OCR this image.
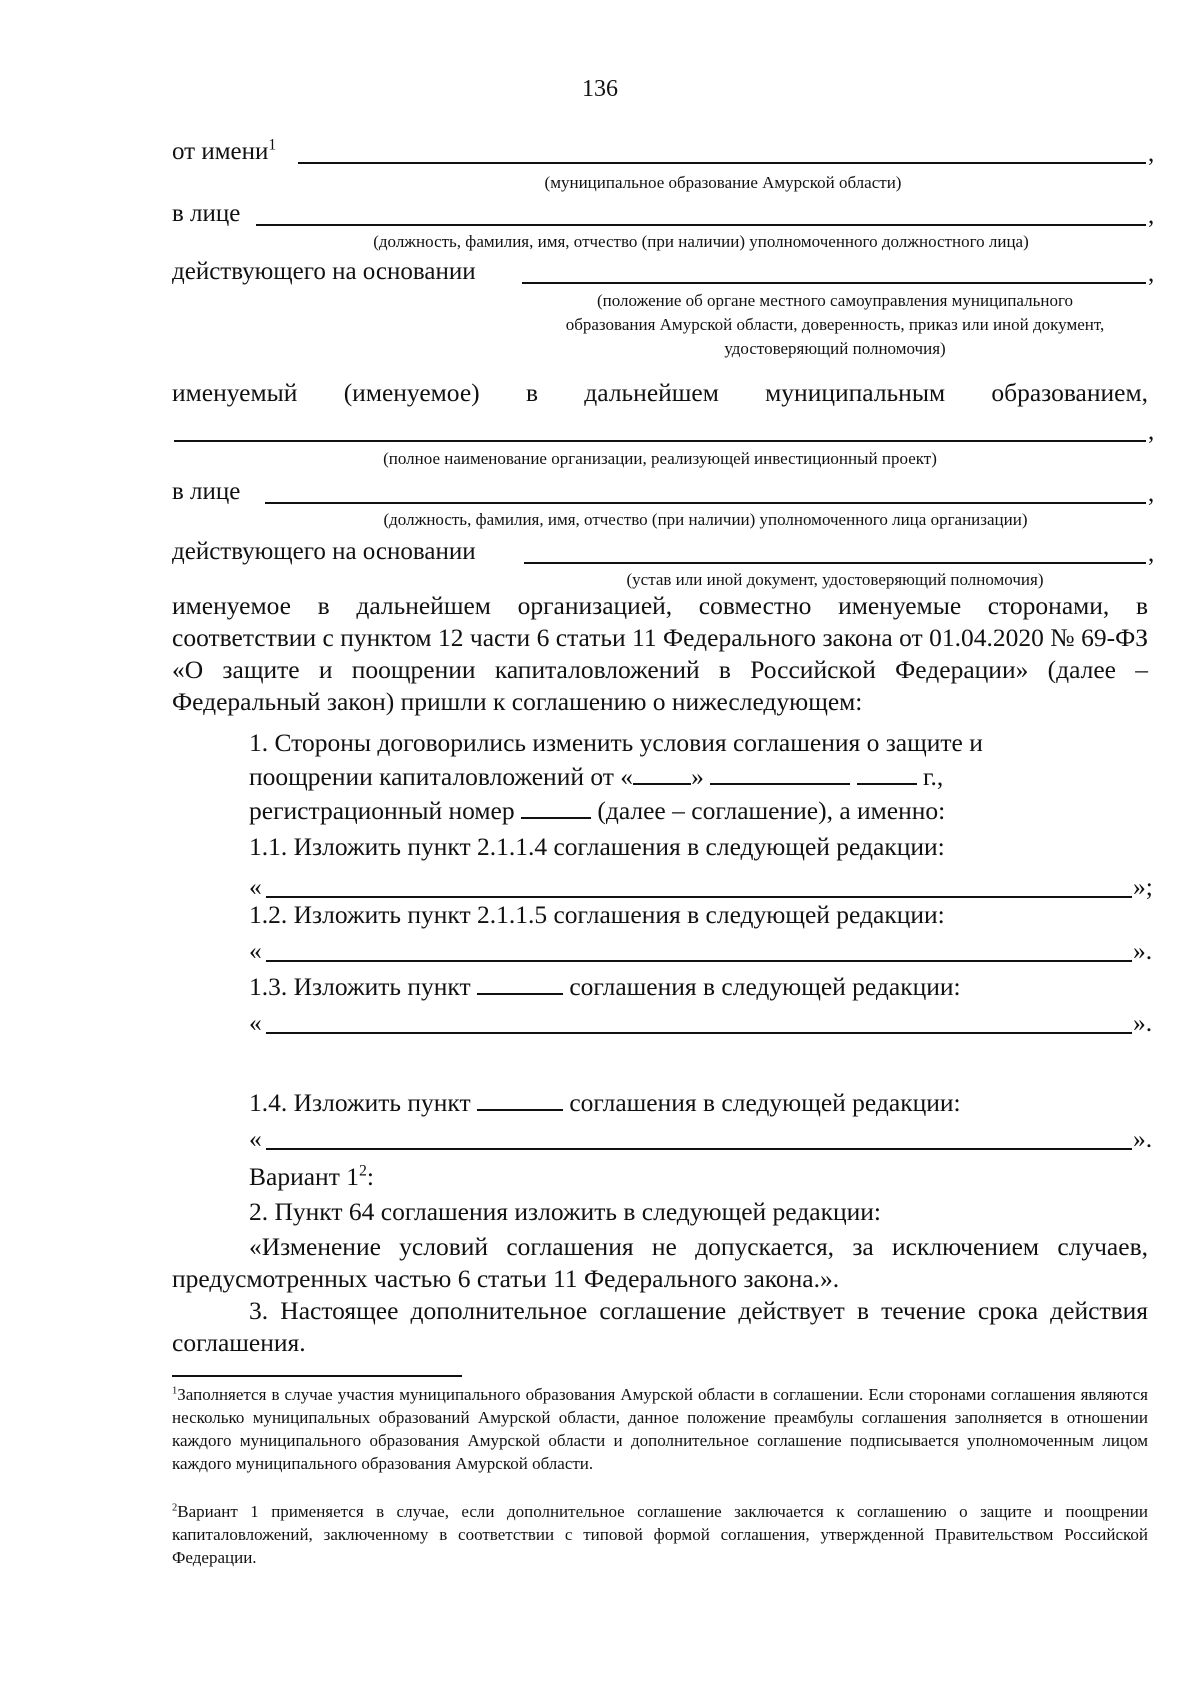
136
от имени$^1$	,
(муниципальное образование Амурской области)
в лице	,
(должность, фамилия, имя, отчество (при наличии) уполномоченного должностного лица)
действующего на основании	,
(положение об органе местного самоуправления муниципального образования Амурской области, доверенность, приказ или иной документ, удостоверяющий полномочия)
именуемый (именуемое) в дальнейшем муниципальным образованием,
,
(полное наименование организации, реализующей инвестиционный проект)
в лице	,
(должность, фамилия, имя, отчество (при наличии) уполномоченного лица организации)
действующего на основании	,
(устав или иной документ, удостоверяющий полномочия)
именуемое в дальнейшем организацией, совместно именуемые сторонами, в соответствии с пунктом 12 части 6 статьи 11 Федерального закона от 01.04.2020 № 69-ФЗ «О защите и поощрении капиталовложений в Российской Федерации» (далее – Федеральный закон) пришли к соглашению о нижеследующем:
1. Стороны договорились изменить условия соглашения о защите и
поощрении капиталовложений от « »	г.,
регистрационный номер	(далее – соглашение), а именно:
1.1. Изложить пункт 2.1.1.4 соглашения в следующей редакции:
«	»;
1.2. Изложить пункт 2.1.1.5 соглашения в следующей редакции:
«	».
1.3. Изложить пункт	соглашения в следующей редакции:
«	».
1.4. Изложить пункт	соглашения в следующей редакции:
«	».
Вариант $1^2$:
2. Пункт 64 соглашения изложить в следующей редакции:
«Изменение условий соглашения не допускается, за исключением случаев, предусмотренных частью 6 статьи 11 Федерального закона.».
3. Настоящее дополнительное соглашение действует в течение срока действия соглашения.
$^1$Заполняется в случае участия муниципального образования Амурской области в соглашении. Если сторонами соглашения являются несколько муниципальных образований Амурской области, данное положение преамбулы соглашения заполняется в отношении каждого муниципального образования Амурской области и дополнительное соглашение подписывается уполномоченным лицом каждого муниципального образования Амурской области.
$^2$Вариант 1 применяется в случае, если дополнительное соглашение заключается к соглашению о защите и поощрении капиталовложений, заключенному в соответствии с типовой формой соглашения, утвержденной Правительством Российской Федерации.
